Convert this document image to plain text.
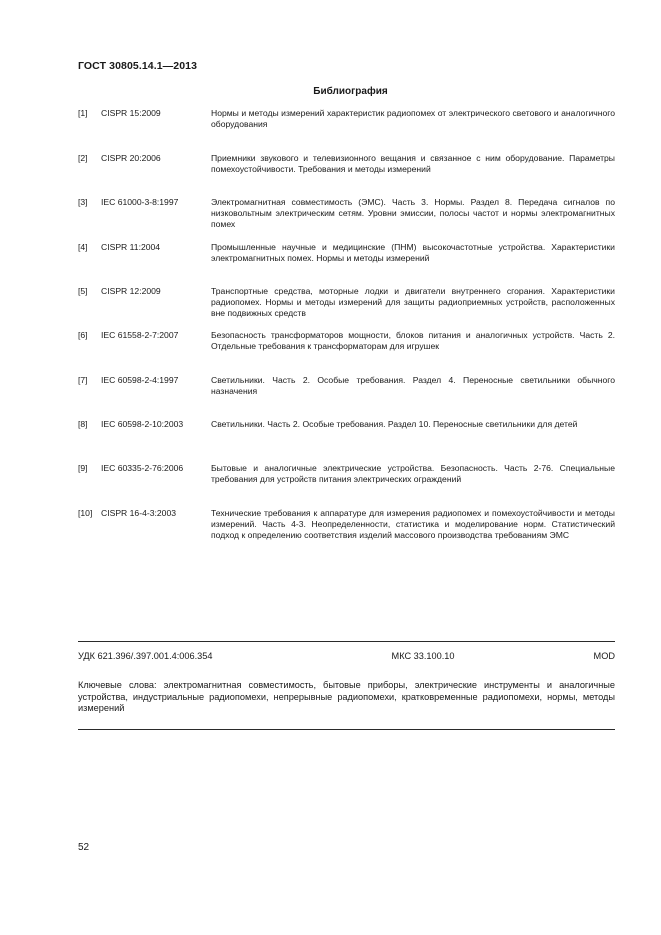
ГОСТ 30805.14.1—2013
Библиография
[1]	CISPR 15:2009	Нормы и методы измерений характеристик радиопомех от электрического светового и аналогичного оборудования
[2]	CISPR 20:2006	Приемники звукового и телевизионного вещания и связанное с ним оборудование. Параметры помехоустойчивости. Требования и методы измерений
[3]	IEC 61000-3-8:1997	Электромагнитная совместимость (ЭМС). Часть 3. Нормы. Раздел 8. Передача сигналов по низковольтным электрическим сетям. Уровни эмиссии, полосы частот и нормы электромагнитных помех
[4]	CISPR 11:2004	Промышленные научные и медицинские (ПНМ) высокочастотные устройства. Характеристики электромагнитных помех. Нормы и методы измерений
[5]	CISPR 12:2009	Транспортные средства, моторные лодки и двигатели внутреннего сгорания. Характеристики радиопомех. Нормы и методы измерений для защиты радиоприемных устройств, расположенных вне подвижных средств
[6]	IEC 61558-2-7:2007	Безопасность трансформаторов мощности, блоков питания и аналогичных устройств. Часть 2. Отдельные требования к трансформаторам для игрушек
[7]	IEC 60598-2-4:1997	Светильники. Часть 2. Особые требования. Раздел 4. Переносные светильники обычного назначения
[8]	IEC 60598-2-10:2003	Светильники. Часть 2. Особые требования. Раздел 10. Переносные светильники для детей
[9]	IEC 60335-2-76:2006	Бытовые и аналогичные электрические устройства. Безопасность. Часть 2-76. Специальные требования для устройств питания электрических ограждений
[10]	CISPR 16-4-3:2003	Технические требования к аппаратуре для измерения радиопомех и помехоустойчивости и методы измерений. Часть 4-3. Неопределенности, статистика и моделирование норм. Статистический подход к определению соответствия изделий массового производства требованиям ЭМС
УДК 621.396/.397.001.4:006.354	МКС 33.100.10	MOD
Ключевые слова: электромагнитная совместимость, бытовые приборы, электрические инструменты и аналогичные устройства, индустриальные радиопомехи, непрерывные радиопомехи, кратковременные радиопомехи, нормы, методы измерений
52
